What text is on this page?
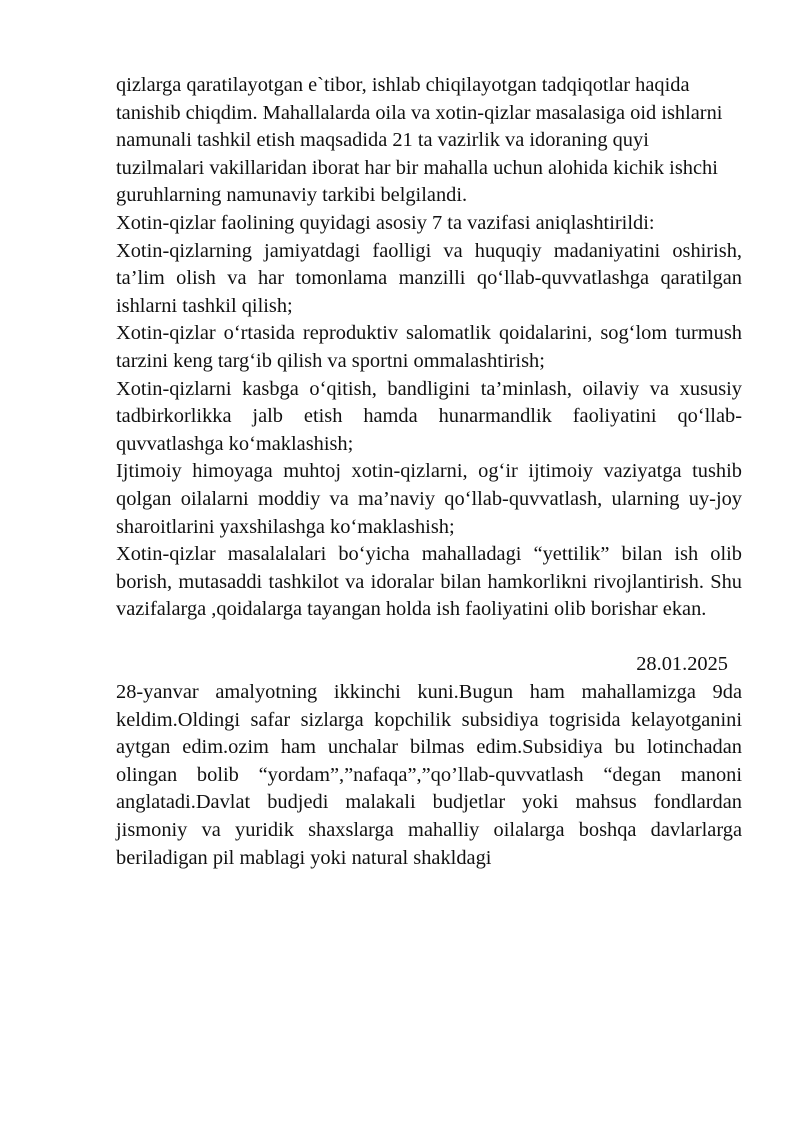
qizlarga qaratilayotgan e`tibor, ishlab chiqilayotgan tadqiqotlar haqida tanishib chiqdim. Mahallalarda oila va xotin-qizlar masalasiga oid ishlarni namunali tashkil etish maqsadida 21 ta vazirlik va idoraning quyi tuzilmalari vakillaridan iborat har bir mahalla uchun alohida kichik ishchi guruhlarning namunaviy tarkibi belgilandi.

Xotin-qizlar faolining quyidagi asosiy 7 ta vazifasi aniqlashtirildi:

Xotin-qizlarning jamiyatdagi faolligi va huquqiy madaniyatini oshirish, ta’lim olish va har tomonlama manzilli qo‘llab-quvvatlashga qaratilgan ishlarni tashkil qilish;

Xotin-qizlar o‘rtasida reproduktiv salomatlik qoidalarini, sog‘lom turmush tarzini keng targ‘ib qilish va sportni ommalashtirish;

Xotin-qizlarni kasbga o‘qitish, bandligini ta’minlash, oilaviy va xususiy tadbirkorlikka jalb etish hamda hunarmandlik faoliyatini qo‘llab-quvvatlashga ko‘maklashish;

Ijtimoiy himoyaga muhtoj xotin-qizlarni, og‘ir ijtimoiy vaziyatga tushib qolgan oilalarni moddiy va ma’naviy qo‘llab-quvvatlash, ularning uy-joy sharoitlarini yaxshilashga ko‘maklashish;

Xotin-qizlar masalalalari bo‘yicha mahalladagi “yettilik” bilan ish olib borish, mutasaddi tashkilot va idoralar bilan hamkorlikni rivojlantirish. Shu vazifalarga ,qoidalarga tayangan holda ish faoliyatini olib borishar ekan.

28.01.2025

28-yanvar amalyotning ikkinchi kuni.Bugun ham mahallamizga 9da keldim.Oldingi safar sizlarga kopchilik subsidiya togrisida kelayotganini aytgan edim.ozim ham unchalar bilmas edim.Subsidiya bu lotinchadan olingan bolib “yordam”,”nafaqa”,”qo’llab-quvvatlash “degan manoni anglatadi.Davlat budjedi malakali budjetlar yoki mahsus fondlardan jismoniy va yuridik shaxslarga mahalliy oilalarga boshqa davlarlarga beriladigan pil mablagi yoki natural shakldagi
